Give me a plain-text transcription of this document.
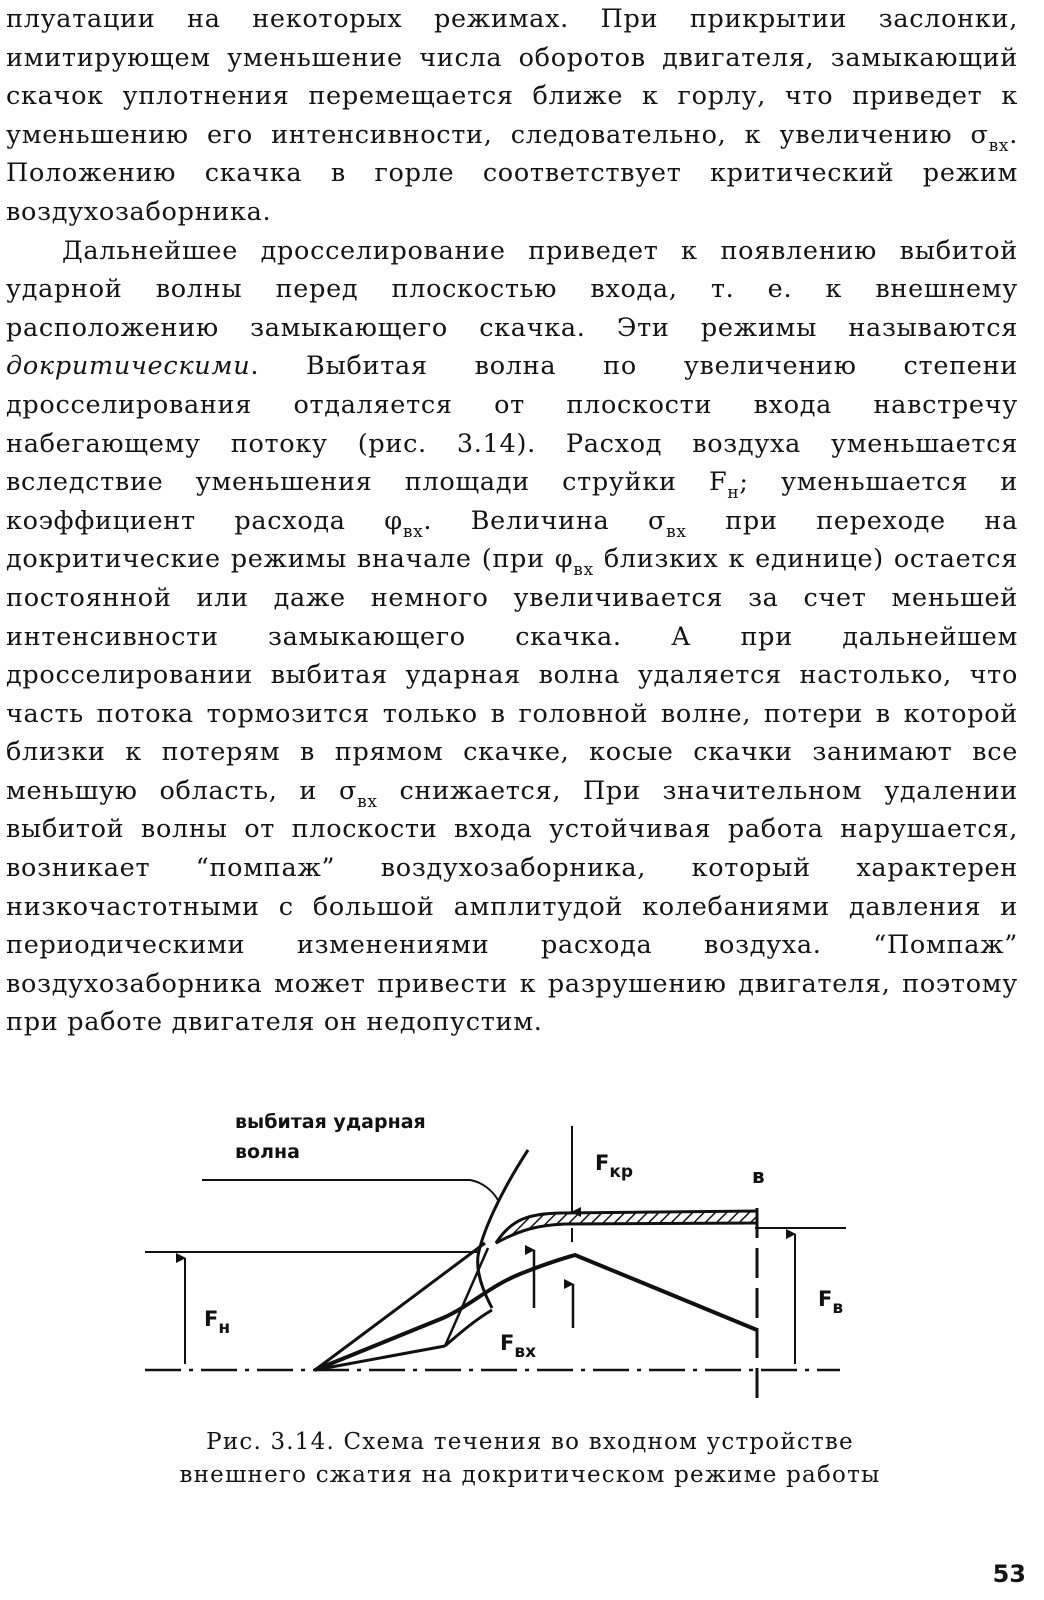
плуатации на некоторых режимах. При прикрытии заслонки, имитирующем уменьшение числа оборотов двигателя, замыкающий скачок уплотнения перемещается ближе к горлу, что приведет к уменьшению его интенсивности, следовательно, к увеличению $\sigma_{вх}$. Положению скачка в горле соответствует критический режим воздухозаборника.

Дальнейшее дросселирование приведет к появлению выбитой ударной волны перед плоскостью входа, т. е. к внешнему расположению замыкающего скачка. Эти режимы называются докритическими. Выбитая волна по увеличению степени дросселирования отдаляется от плоскости входа навстречу набегающему потоку (рис. 3.14). Расход воздуха уменьшается вследствие уменьшения площади струйки $F_н$; уменьшается и коэффициент расхода $\varphi_{вх}$. Величина $\sigma_{вх}$ при переходе на докритические режимы вначале (при $\varphi_{вх}$ близких к единице) остается постоянной или даже немного увеличивается за счет меньшей интенсивности замыкающего скачка. А при дальнейшем дросселировании выбитая ударная волна удаляется настолько, что часть потока тормозится только в головной волне, потери в которой близки к потерям в прямом скачке, косые скачки занимают все меньшую область, и $\sigma_{вх}$ снижается, При значительном удалении выбитой волны от плоскости входа устойчивая работа нарушается, возникает “помпаж” воздухозаборника, который характерен низкочастотными с большой амплитудой колебаниями давления и периодическими изменениями расхода воздуха. “Помпаж” воздухозаборника может привести к разрушению двигателя, поэтому при работе двигателя он недопустим.

выбитая ударная
волна	$F_{кр}$	в
$F_н$
$F_{вх}$
$F_в$
Рис. 3.14. Схема течения во входном устройстве
внешнего сжатия на докритическом режиме работы
53
